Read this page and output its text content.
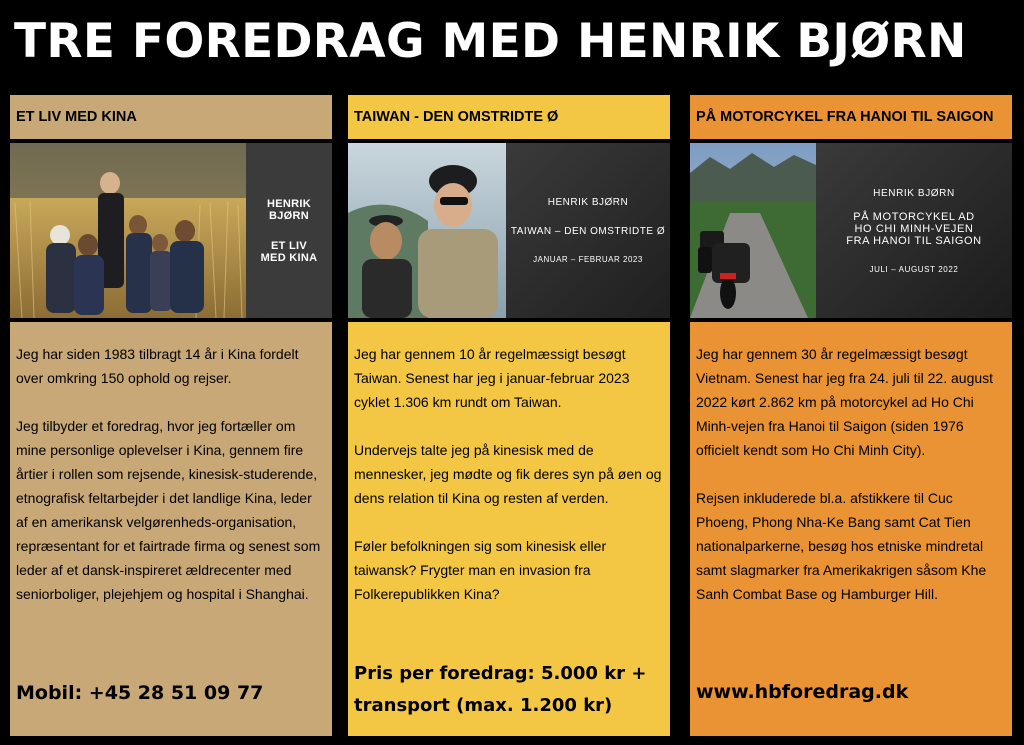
TRE FOREDRAG MED HENRIK BJØRN
ET LIV MED KINA
HENRIK
BJØRN
ET LIV
MED KINA

Jeg har siden 1983 tilbragt 14 år i Kina fordelt over omkring 150 ophold og rejser.

Jeg tilbyder et foredrag, hvor jeg fortæller om mine personlige oplevelser i Kina, gennem fire årtier i rollen som rejsende, kinesisk-studerende, etnografisk feltarbejder i det landlige Kina, leder af en amerikansk velgørenheds-organisation, repræsentant for et fairtrade firma og senest som leder af et dansk-inspireret ældrecenter med seniorboliger, plejehjem og hospital i Shanghai.

Mobil: +45 28 51 09 77
TAIWAN - DEN OMSTRIDTE Ø
HENRIK BJØRN
TAIWAN – DEN OMSTRIDTE Ø
JANUAR – FEBRUAR 2023

Jeg har gennem 10 år regelmæssigt besøgt Taiwan. Senest har jeg i januar-februar 2023 cyklet 1.306 km rundt om Taiwan.

Undervejs talte jeg på kinesisk med de mennesker, jeg mødte og fik deres syn på øen og dens relation til Kina og resten af verden.

Føler befolkningen sig som kinesisk eller taiwansk? Frygter man en invasion fra Folkerepublikken Kina?

Pris per foredrag: 5.000 kr + transport (max. 1.200 kr)
PÅ MOTORCYKEL FRA HANOI TIL SAIGON
HENRIK BJØRN
PÅ MOTORCYKEL AD
HO CHI MINH-VEJEN
FRA HANOI TIL SAIGON
JULI – AUGUST 2022

Jeg har gennem 30 år regelmæssigt besøgt Vietnam. Senest har jeg fra 24. juli til 22. august 2022 kørt 2.862 km på motorcykel ad Ho Chi Minh-vejen fra Hanoi til Saigon (siden 1976 officielt kendt som Ho Chi Minh City).

Rejsen inkluderede bl.a. afstikkere til Cuc Phoeng, Phong Nha-Ke Bang samt Cat Tien nationalparkerne, besøg hos etniske mindretal samt slagmarker fra Amerikakrigen såsom Khe Sanh Combat Base og Hamburger Hill.

www.hbforedrag.dk
